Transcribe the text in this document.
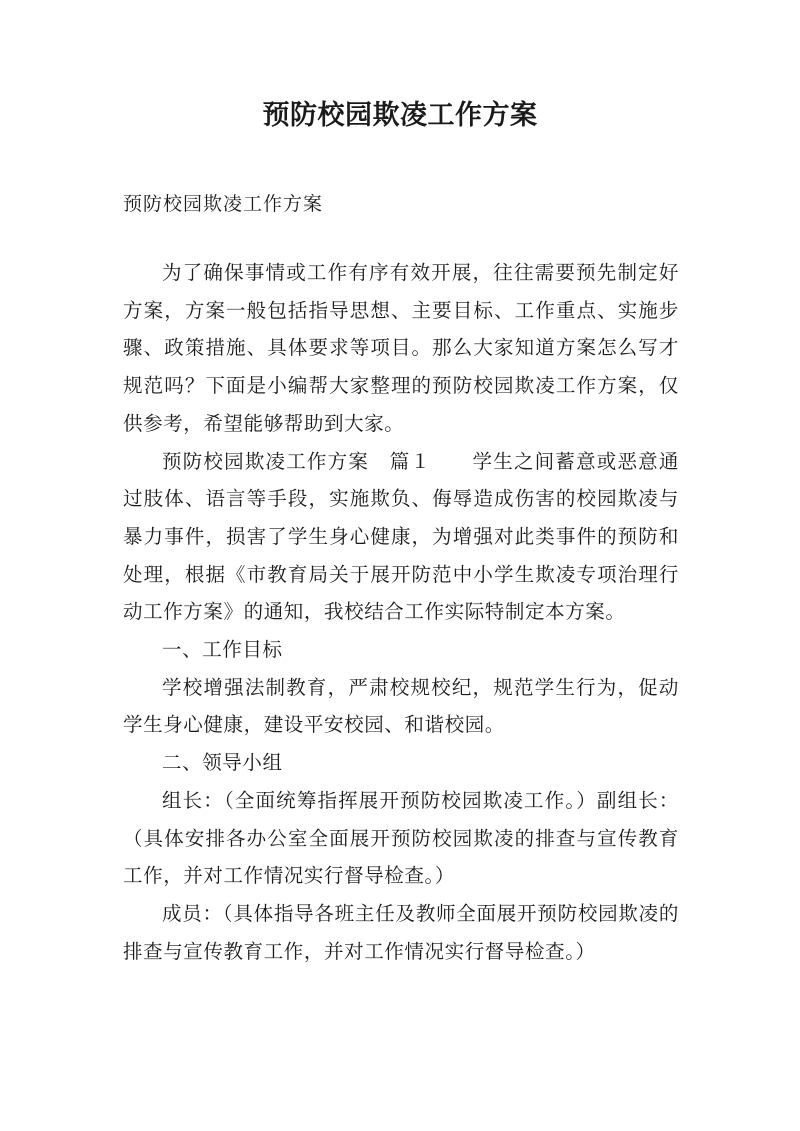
预防校园欺凌工作方案
预防校园欺凌工作方案

为了确保事情或工作有序有效开展，往往需要预先制定好方案，方案一般包括指导思想、主要目标、工作重点、实施步骤、政策措施、具体要求等项目。那么大家知道方案怎么写才规范吗？下面是小编帮大家整理的预防校园欺凌工作方案，仅供参考，希望能够帮助到大家。

预防校园欺凌工作方案　篇１　　学生之间蓄意或恶意通过肢体、语言等手段，实施欺负、侮辱造成伤害的校园欺凌与暴力事件，损害了学生身心健康，为增强对此类事件的预防和处理，根据《市教育局关于展开防范中小学生欺凌专项治理行动工作方案》的通知，我校结合工作实际特制定本方案。

一、工作目标

学校增强法制教育，严肃校规校纪，规范学生行为，促动学生身心健康，建设平安校园、和谐校园。

二、领导小组

组长：（全面统筹指挥展开预防校园欺凌工作。）副组长：（具体安排各办公室全面展开预防校园欺凌的排查与宣传教育工作，并对工作情况实行督导检查。）

成员：（具体指导各班主任及教师全面展开预防校园欺凌的排查与宣传教育工作，并对工作情况实行督导检查。）
